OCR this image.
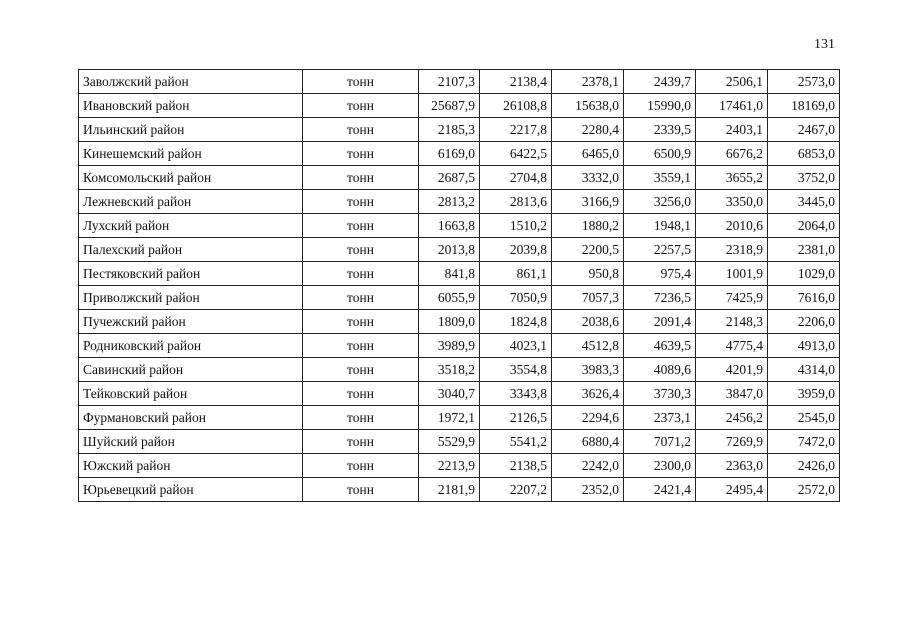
131
Заволжский район	тонн	2107,3	2138,4	2378,1	2439,7	2506,1	2573,0
Ивановский район	тонн	25687,9	26108,8	15638,0	15990,0	17461,0	18169,0
Ильинский район	тонн	2185,3	2217,8	2280,4	2339,5	2403,1	2467,0
Кинешемский район	тонн	6169,0	6422,5	6465,0	6500,9	6676,2	6853,0
Комсомольский район	тонн	2687,5	2704,8	3332,0	3559,1	3655,2	3752,0
Лежневский район	тонн	2813,2	2813,6	3166,9	3256,0	3350,0	3445,0
Лухский район	тонн	1663,8	1510,2	1880,2	1948,1	2010,6	2064,0
Палехский район	тонн	2013,8	2039,8	2200,5	2257,5	2318,9	2381,0
Пестяковский район	тонн	841,8	861,1	950,8	975,4	1001,9	1029,0
Приволжский район	тонн	6055,9	7050,9	7057,3	7236,5	7425,9	7616,0
Пучежский район	тонн	1809,0	1824,8	2038,6	2091,4	2148,3	2206,0
Родниковский район	тонн	3989,9	4023,1	4512,8	4639,5	4775,4	4913,0
Савинский район	тонн	3518,2	3554,8	3983,3	4089,6	4201,9	4314,0
Тейковский район	тонн	3040,7	3343,8	3626,4	3730,3	3847,0	3959,0
Фурмановский район	тонн	1972,1	2126,5	2294,6	2373,1	2456,2	2545,0
Шуйский район	тонн	5529,9	5541,2	6880,4	7071,2	7269,9	7472,0
Южский район	тонн	2213,9	2138,5	2242,0	2300,0	2363,0	2426,0
Юрьевецкий район	тонн	2181,9	2207,2	2352,0	2421,4	2495,4	2572,0
